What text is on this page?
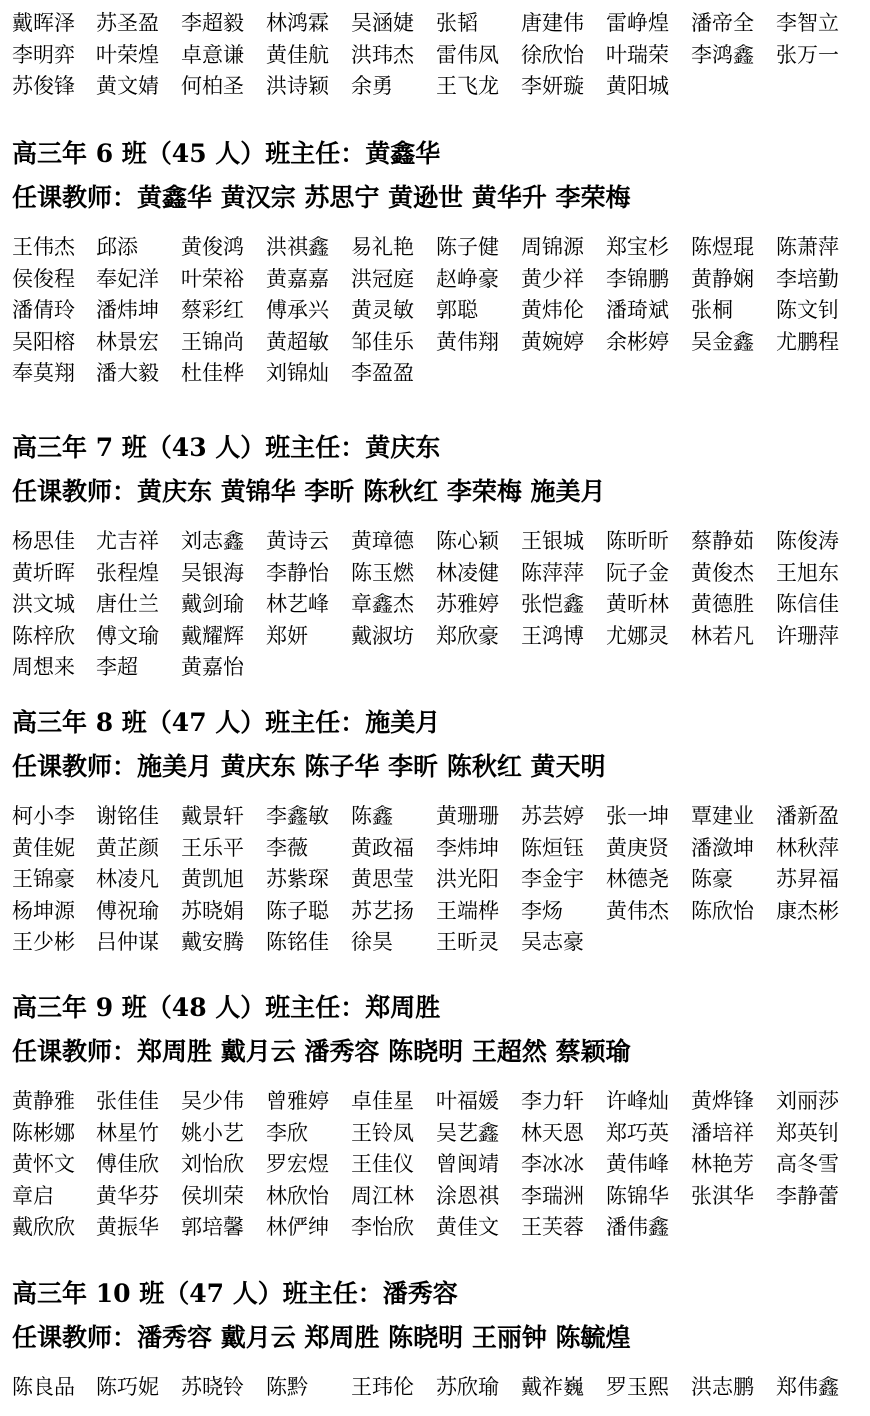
戴晖泽 苏圣盈 李超毅 林鸿霖 吴涵婕 张韬 唐建伟 雷峥煌 潘帝全 李智立
李明弈 叶荣煌 卓意谦 黄佳航 洪玮杰 雷伟凤 徐欣怡 叶瑞荣 李鸿鑫 张万一
苏俊锋 黄文婧 何柏圣 洪诗颖 余勇 王飞龙 李妍璇 黄阳城
高三年 6 班（45 人）班主任：黄鑫华
任课教师：黄鑫华 黄汉宗 苏思宁 黄逊世 黄华升 李荣梅
王伟杰 邱添 黄俊鸿 洪祺鑫 易礼艳 陈子健 周锦源 郑宝杉 陈煜琨 陈萧萍
侯俊程 奉妃洋 叶荣裕 黄嘉嘉 洪冠庭 赵峥豪 黄少祥 李锦鹏 黄静娴 李培勤
潘倩玲 潘炜坤 蔡彩红 傅承兴 黄灵敏 郭聪 黄炜伦 潘琦斌 张桐 陈文钊
吴阳榕 林景宏 王锦尚 黄超敏 邹佳乐 黄伟翔 黄婉婷 余彬婷 吴金鑫 尤鹏程
奉莫翔 潘大毅 杜佳桦 刘锦灿 李盈盈
高三年 7 班（43 人）班主任：黄庆东
任课教师：黄庆东 黄锦华 李昕 陈秋红 李荣梅 施美月
杨思佳 尤吉祥 刘志鑫 黄诗云 黄璋德 陈心颖 王银城 陈昕昕 蔡静茹 陈俊涛
黄圻晖 张程煌 吴银海 李静怡 陈玉燃 林凌健 陈萍萍 阮子金 黄俊杰 王旭东
洪文城 唐仕兰 戴剑瑜 林艺峰 章鑫杰 苏雅婷 张恺鑫 黄昕林 黄德胜 陈信佳
陈梓欣 傅文瑜 戴耀辉 郑妍 戴淑坊 郑欣豪 王鸿博 尤娜灵 林若凡 许珊萍
周想来 李超 黄嘉怡
高三年 8 班（47 人）班主任：施美月
任课教师：施美月 黄庆东 陈子华 李昕 陈秋红 黄天明
柯小李 谢铭佳 戴景轩 李鑫敏 陈鑫 黄珊珊 苏芸婷 张一坤 覃建业 潘新盈
黄佳妮 黄芷颜 王乐平 李薇 黄政福 李炜坤 陈烜钰 黄庚贤 潘潋坤 林秋萍
王锦豪 林凌凡 黄凯旭 苏紫琛 黄思莹 洪光阳 李金宇 林德尧 陈豪 苏昇福
杨坤源 傅祝瑜 苏晓娟 陈子聪 苏艺扬 王端桦 李炀 黄伟杰 陈欣怡 康杰彬
王少彬 吕仲谋 戴安腾 陈铭佳 徐昊 王昕灵 吴志豪
高三年 9 班（48 人）班主任：郑周胜
任课教师：郑周胜 戴月云 潘秀容 陈晓明 王超然 蔡颖瑜
黄静雅 张佳佳 吴少伟 曾雅婷 卓佳星 叶福媛 李力轩 许峰灿 黄烨锋 刘丽莎
陈彬娜 林星竹 姚小艺 李欣 王铃凤 吴艺鑫 林天恩 郑巧英 潘培祥 郑英钊
黄怀文 傅佳欣 刘怡欣 罗宏煜 王佳仪 曾闽靖 李冰冰 黄伟峰 林艳芳 高冬雪
章启 黄华芬 侯圳荣 林欣怡 周江林 涂恩祺 李瑞洲 陈锦华 张淇华 李静蕾
戴欣欣 黄振华 郭培馨 林俨绅 李怡欣 黄佳文 王芙蓉 潘伟鑫
高三年 10 班（47 人）班主任：潘秀容
任课教师：潘秀容 戴月云 郑周胜 陈晓明 王丽钟 陈毓煌
陈良品 陈巧妮 苏晓铃 陈黔 王玮伦 苏欣瑜 戴祚巍 罗玉熙 洪志鹏 郑伟鑫
